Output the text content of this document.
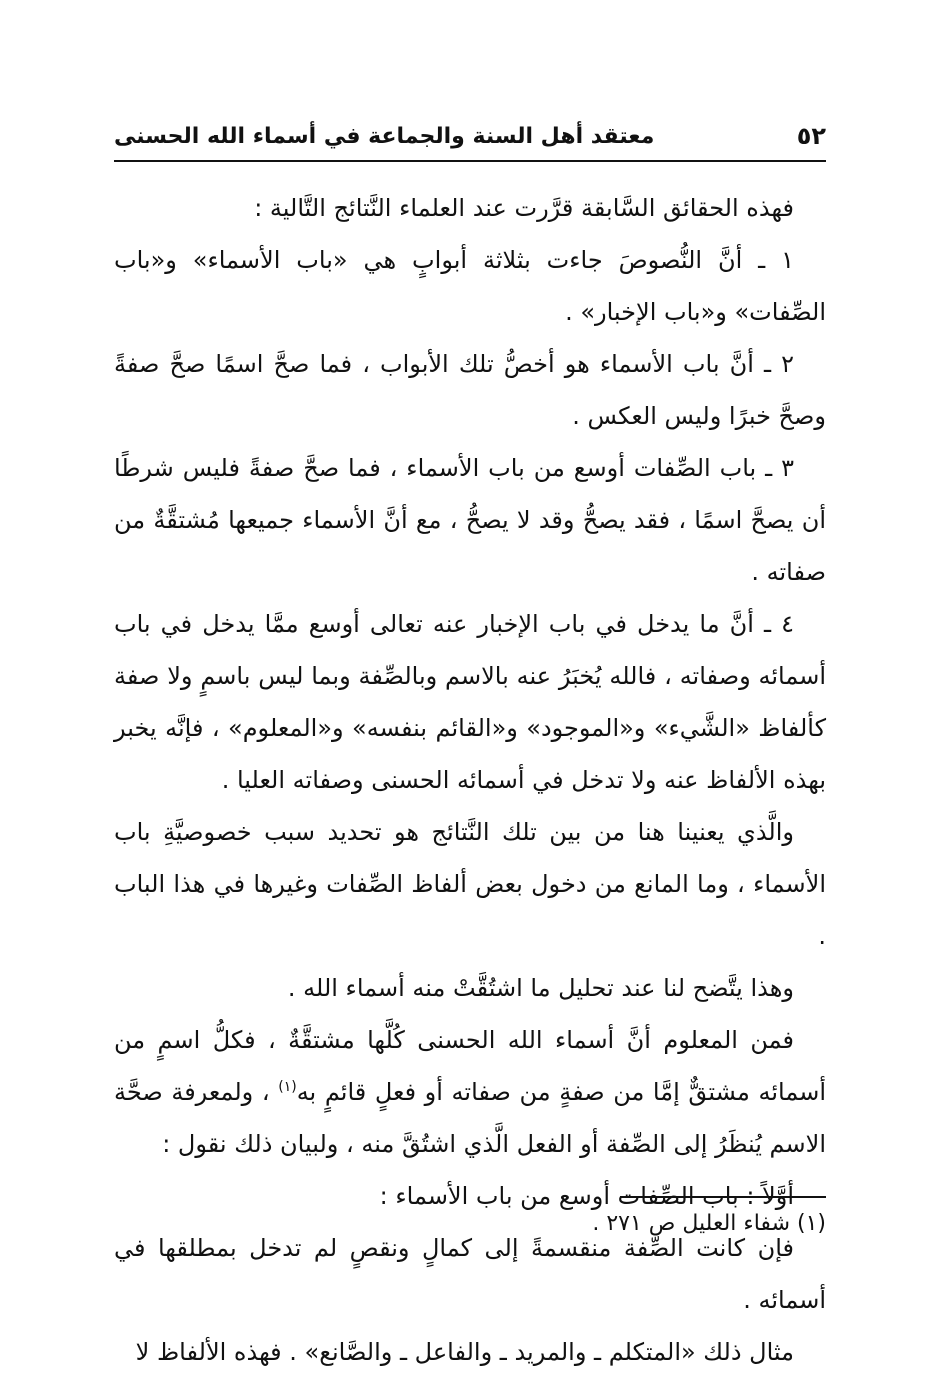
٥٢
معتقد أهل السنة والجماعة في أسماء الله الحسنى

فهذه الحقائق السَّابقة قرَّرت عند العلماء النَّتائج التَّالية :

١ ـ أنَّ النُّصوصَ جاءت بثلاثة أبوابٍ هي «باب الأسماء» و«باب الصِّفات» و«باب الإخبار» .

٢ ـ أنَّ باب الأسماء هو أخصُّ تلك الأبواب ، فما صحَّ اسمًا صحَّ صفةً وصحَّ خبرًا وليس العكس .

٣ ـ باب الصِّفات أوسع من باب الأسماء ، فما صحَّ صفةً فليس شرطًا أن يصحَّ اسمًا ، فقد يصحُّ وقد لا يصحُّ ، مع أنَّ الأسماء جميعها مُشتقَّةٌ من صفاته .

٤ ـ أنَّ ما يدخل في باب الإخبار عنه تعالى أوسع ممَّا يدخل في باب أسمائه وصفاته ، فالله يُخبَرُ عنه بالاسم وبالصِّفة وبما ليس باسمٍ ولا صفة كألفاظ «الشَّيء» و«الموجود» و«القائم بنفسه» و«المعلوم» ، فإنَّه يخبر بهذه الألفاظ عنه ولا تدخل في أسمائه الحسنى وصفاته العليا .

والَّذي يعنينا هنا من بين تلك النَّتائج هو تحديد سبب خصوصيَّةِ باب الأسماء ، وما المانع من دخول بعض ألفاظ الصِّفات وغيرها في هذا الباب .

وهذا يتَّضح لنا عند تحليل ما اشتُقَّتْ منه أسماء الله .

فمن المعلوم أنَّ أسماء الله الحسنى كُلَّها مشتقَّةٌ ، فكلُّ اسمٍ من أسمائه مشتقٌّ إمَّا من صفةٍ من صفاته أو فعلٍ قائمٍ به$^{(١)}$ ، ولمعرفة صحَّة الاسم يُنظَرُ إلى الصِّفة أو الفعل الَّذي اشتُقَّ منه ، ولبيان ذلك نقول :

أوَّلاً : باب الصِّفات أوسع من باب الأسماء :

فإن كانت الصِّفة منقسمةً إلى كمالٍ ونقصٍ لم تدخل بمطلقها في أسمائه .

مثال ذلك «المتكلم ـ والمريد ـ والفاعل ـ والصَّانع» . فهذه الألفاظ لا

(١) شفاء العليل ص ٢٧١ .
